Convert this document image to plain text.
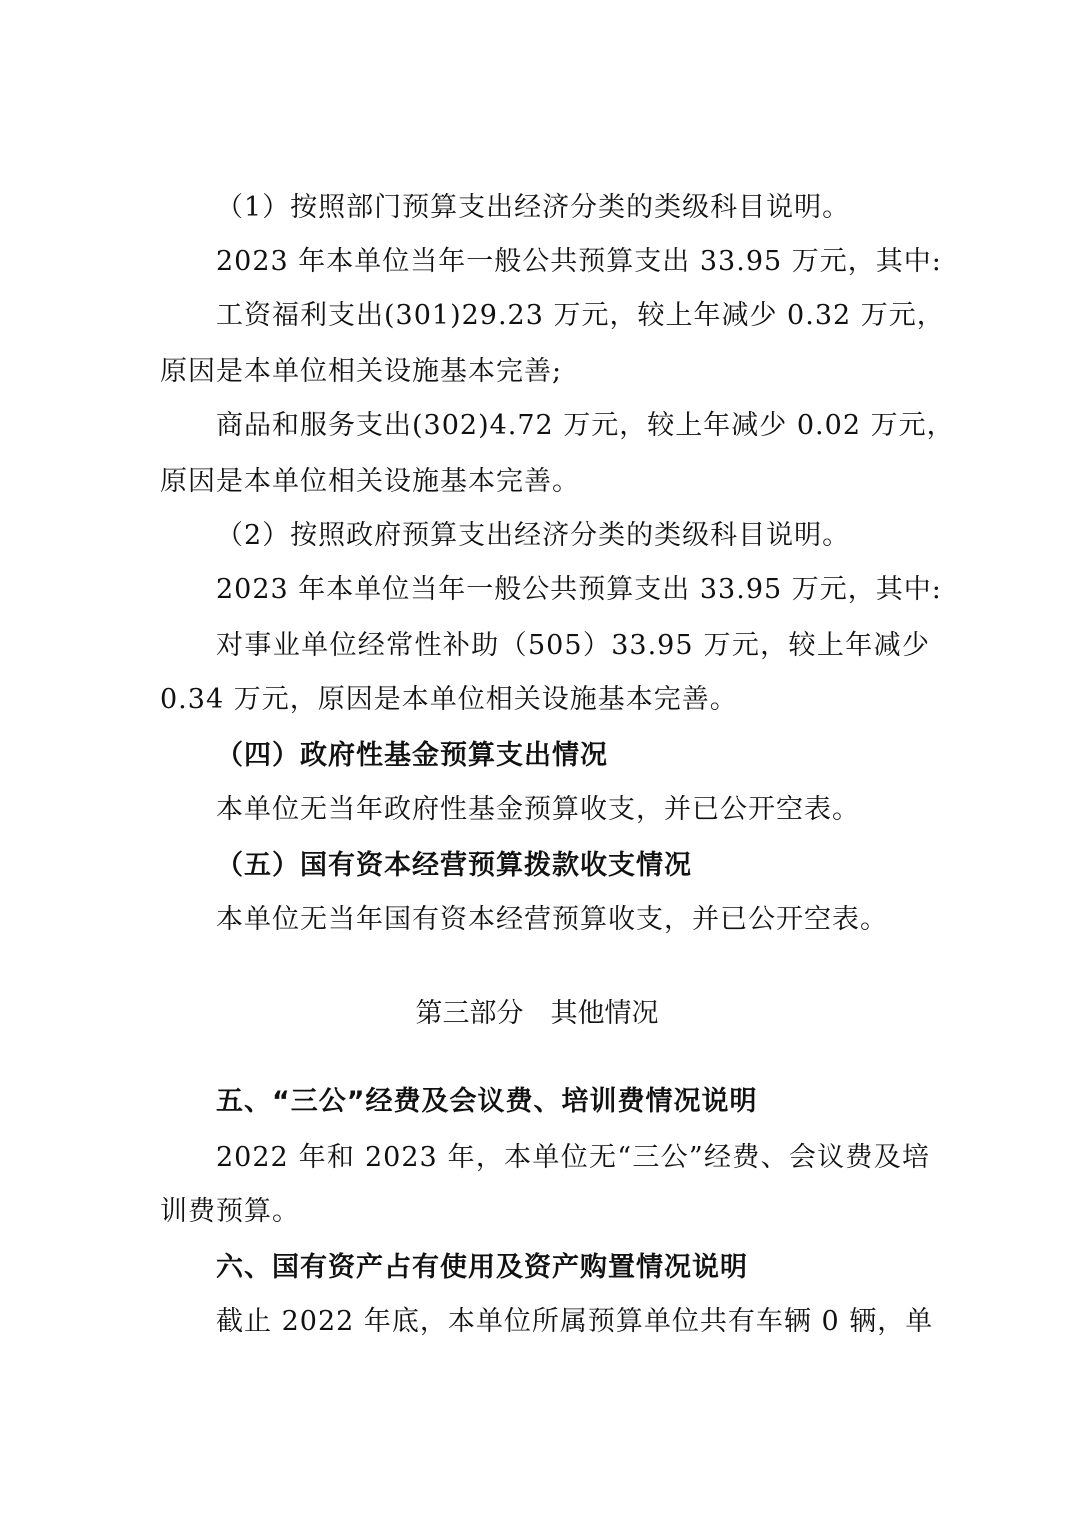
（1）按照部门预算支出经济分类的类级科目说明。
2023 年本单位当年一般公共预算支出 33.95 万元，其中:
工资福利支出(301)29.23 万元，较上年减少 0.32 万元，
原因是本单位相关设施基本完善;
商品和服务支出(302)4.72 万元，较上年减少 0.02 万元，
原因是本单位相关设施基本完善。
（2）按照政府预算支出经济分类的类级科目说明。
2023 年本单位当年一般公共预算支出 33.95 万元，其中:
对事业单位经常性补助（505）33.95 万元，较上年减少
0.34 万元，原因是本单位相关设施基本完善。
（四）政府性基金预算支出情况
本单位无当年政府性基金预算收支，并已公开空表。
（五）国有资本经营预算拨款收支情况
本单位无当年国有资本经营预算收支，并已公开空表。
第三部分　其他情况
五、“三公”经费及会议费、培训费情况说明
2022 年和 2023 年，本单位无“三公”经费、会议费及培
训费预算。
六、国有资产占有使用及资产购置情况说明
截止 2022 年底，本单位所属预算单位共有车辆 0 辆，单
